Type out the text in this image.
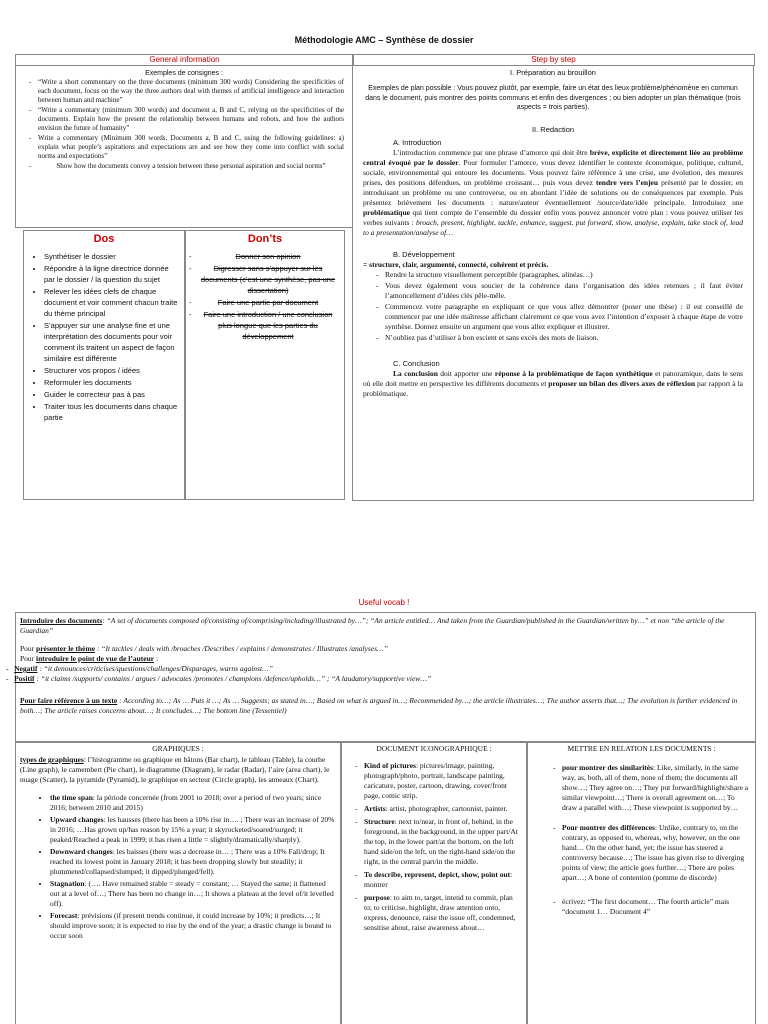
Méthodologie AMC – Synthèse de dossier
General information	Step by step
Exemples de consignes :
- “Write a short commentary on the three documents (minimum 300 words) Considering the specificities of each document, focus on the way the three authors deal with themes of artificial intelligence and interaction between human and machine”
- “Write a commentary (minimum 300 words) and document a, B and C, relying on the specificities of the documents. Explain how the present the relationship between humans and robots, and how the authors envision the future of humanity”
- Write a commentary (Minimum 300 words, Documents a, B and C, using the following guidelines: a) explain what people’s aspirations and expectations are and see how they come into conflict with social norms and expectations”
- Show how the documents convey a tension between these personal aspiration and social norms”
Dos
• Synthétiser le dossier
• Répondre à la ligne directrice donnée par le dossier / la question du sujet
• Relever les idées clefs de chaque document et voir comment chacun traite du thème principal
• S’appuyer sur une analyse fine et une interprétation des documents pour voir comment ils traitent un aspect de façon similaire est différente
• Structurer vos propos / idées
• Reformuler les documents
• Guider le correcteur pas à pas
• Traiter tous les documents dans chaque partie
Don’ts
- Donner son opinion
- Digresser sans s’appuyer sur les documents (c’est une synthèse, pas une dissertation)
- Faire une partie par document
- Faire une introduction / une conclusion plus longue que les parties du développement
I. Préparation au brouillon

Exemples de plan possible : Vous pouvez plutôt, par exemple, faire un état des lieux problème/phénomène en commun dans le document, puis montrer des points communs et enfin des divergences ; ou bien adopter un plan thématique (trois aspects = trois parties).

II. Redaction
A. Introduction

L’introduction commence par une phrase d’amorce qui doit être brève, explicite et directement liée au problème central évoqué par le dossier. Pour formuler l’amorce, vous devez identifier le contexte économique, politique, culturel, sociale, environnemental qui entoure les documents. Vous pouvez faire référence à une crise, une évolution, des mesures prises, des positions défendues, un problème croissant… puis vous devez tendre vers l’enjeu présenté par le dossier, en introduisant un problème ou une controverse, ou en abordant l’idée de solutions ou de conséquences par exemple. Puis présentez brièvement les documents : nature/auteur éventuellement /source/date/idée principale. Introduisez une problématique qui tient compte de l’ensemble du dossier enfin vous pouvez annoncer votre plan : vous pouvez utiliser les verbes suivants : broach, present, highlight, tackle, enhance, suggest, put forward, show, analyse, explain, take stock of, lead to a presentation/analyse of…

B. Développement
= structure, clair, argumenté, connecté, cohérent et précis.
- Rendre la structure visuellement perceptible (paragraphes, alinéas…)
- Vous devez également vous soucier de la cohérence dans l’organisation des idées retenues ; il faut éviter l’amoncellement d’idées clés pêle-mêle.
- Commencez votre paragraphe en expliquant ce que vous allez démontrer (poser une thèse) : il est conseillé de commencer par une idée maîtresse affichant clairement ce que vous avez l’intention d’exposer à chaque étape de votre synthèse. Donnez ensuite un argument que vous allez expliquer et illustrer.
- N’oubliez pas d’utiliser à bon escient et sans excès des mots de liaison.
C. Conclusion

La conclusion doit apporter une réponse à la problématique de façon synthétique et panoramique, dans le sens où elle doit mettre en perspective les différents documents et proposer un bilan des divers axes de réflexion par rapport à la problématique.

Useful vocab !

Introduire des documents: “A set of documents composed of/consisting of/comprising/including/illustrated by…”; “An article entitled… And taken from the Guardian/published in the Guardian/written by…” et non “the article of the Guardian”

Pour présenter le thème : “It tackles / deals with /broaches /Describes / explains / demonstrates / Illustrates /analyses…”

Pour introduire le point de vue de l’auteur :

-   Negatif : “it denounces/criticises/questions/challenges/Disparages, warns against…”

-   Positif : “it claims /supports/ contains / argues / advocates /promotes / champions /defence/upholds…” ; “A laudatory/supportive view…”

Pour faire référence à un texte : According to…; As … Puts it …; As … Suggests; as stated in…; Based on what is argued in…; Recommended by…; the article illustrates…; The author asserts that…; The evolution is further evidenced in both…; The article raises concerns about…; It concludes…; The bottom line (Tessentiel)

GRAPHIQUES :

types de graphiques: l’histogramme ou graphique en bâtons (Bar chart), le tableau (Table), la courbe (Line graph), le camembert (Pie chart), le diagramme (Diagram), le radar (Radar), l’aire (area chart), le nuage (Scatter), la pyramide (Pyramid), le graphique en secteur (Circle graph), les anneaux (Chart).

• the time span: la période concernée (from 2001 to 2018; over a period of two years; since 2016; between 2010 and 2015)
• Upward changes: les hausses (there has been a 10% rise in…. ; There was an increase of 20% in 2016; …Has grown up/has reason by 15% a year; it skyrocketed/soared/surged; it peaked/Reached a peak in 1999; it has risen a little = slightly/dramatically/sharply).
• Downward changes: les baisses (there was a decrease in… ; There was a 10% Fall/drop; It reached its lowest point in January 2018; it has been dropping slowly but steadily; it plummeted/collapsed/slumped; it dipped/plunged/fell).
• Stagnation: (…. Have remained stable = steady = constant; … Stayed the same; it flattened out at a level of…; There has been no change in…; It shows a plateau at the level of/it levelled off).
• Forecast: prévisions (if present trends continue, it could increase by 10%; it predicts…; It should improve soon; it is expected to rise by the end of the year; a drastic change is bound to occur soon
DOCUMENT ICONOGRAPHIQUE :
- Kind of pictures: pictures/image, painting, photograph/photo, portrait, landscape painting, caricature, poster, cartoon, drawing, cover/front page, comic strip.
- Artists: artist, photographer, cartoonist, painter.
- Structure: next to/near, in front of, behind, in the foreground, in the background, in the upper part/At the top, in the lower part/at the bottom, on the left hand side/on the left, on the right-hand side/on the right, in the central part/in the middle.
- To describe, represent, depict, show, point out: montrer
- purpose: to aim to, target, intend to commit, plan to; to criticise, highlight, draw attention onto, express, denounce, raise the issue off, condemned, sensitise about, raise awareness about…
METTRE EN RELATION LES DOCUMENTS :
- pour montrer des similarités: Like, similarly, in the same way, as, both, all of them, none of them; the documents all show…; They agree on…; They put forward/highlight/share a similar viewpoint…; There is overall agreement on…; To draw a parallel with…; These viewpoint is supported by…
- Pour montrer des différences: Unlike, contrary to, on the contrary, as opposed to, whereas, why, however, on the one hand… On the other hand, yet; the issue has steered a controversy because…; The issue has given rise to diverging points of view; the article goes further…; There are poles apart…; A bone of contention (pomme de discorde)
- écrivez: “The first document… The fourth article” mais “document 1… Document 4”
